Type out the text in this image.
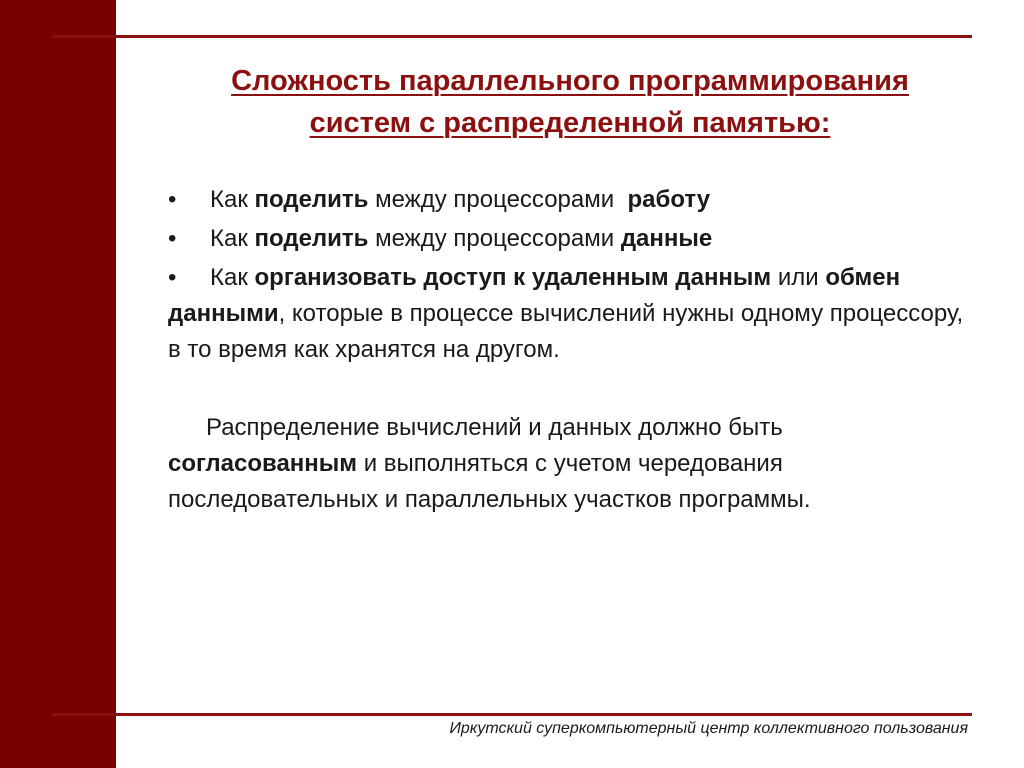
Сложность параллельного программирования
систем с распределенной памятью:

• Как поделить между процессорами  работу

• Как поделить между процессорами данные

• Как организовать доступ к удаленным данным или обмен данными, которые в процессе вычислений нужны одному процессору, в то время как хранятся на другом.

Распределение вычислений и данных должно быть согласованным и выполняться с учетом чередования последовательных и параллельных участков программы.

Иркутский суперкомпьютерный центр коллективного пользования
